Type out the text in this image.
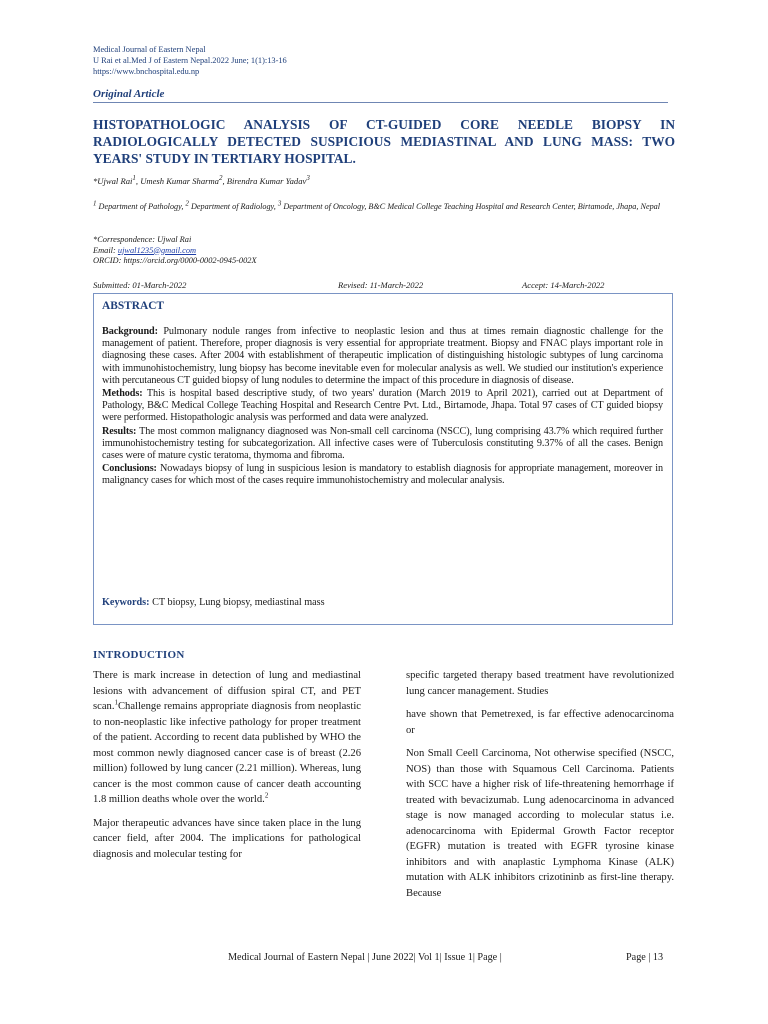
Medical Journal of Eastern Nepal
U Rai et al.Med J of Eastern Nepal.2022 June; 1(1):13-16
https://www.bnchospital.edu.np
Original Article
HISTOPATHOLOGIC ANALYSIS OF CT-GUIDED CORE NEEDLE BIOPSY IN RADIOLOGICALLY DETECTED SUSPICIOUS MEDIASTINAL AND LUNG MASS: TWO YEARS' STUDY IN TERTIARY HOSPITAL.
*Ujwal Rai$^1$, Umesh Kumar Sharma$^2$, Birendra Kumar Yadav$^3$
$^1$ Department of Pathology, $^2$ Department of Radiology, $^3$ Department of Oncology, B&C Medical College Teaching Hospital and Research Center, Birtamode, Jhapa, Nepal
*Correspondence: Ujwal Rai
Email: ujwal1235@gmail.com
ORCID: https://orcid.org/0000-0002-0945-002X
Submitted: 01-March-2022	Revised: 11-March-2022	Accept: 14-March-2022
ABSTRACT

Background: Pulmonary nodule ranges from infective to neoplastic lesion and thus at times remain diagnostic challenge for the management of patient. Therefore, proper diagnosis is very essential for appropriate treatment. Biopsy and FNAC plays important role in diagnosing these cases. After 2004 with establishment of therapeutic implication of distinguishing histologic subtypes of lung carcinoma with immunohistochemistry, lung biopsy has become inevitable even for molecular analysis as well. We studied our institution's experience with percutaneous CT guided biopsy of lung nodules to determine the impact of this procedure in diagnosis of disease.

Methods: This is hospital based descriptive study, of two years' duration (March 2019 to April 2021), carried out at Department of Pathology, B&C Medical College Teaching Hospital and Research Centre Pvt. Ltd., Birtamode, Jhapa. Total 97 cases of CT guided biopsy were performed. Histopathologic analysis was performed and data were analyzed.

Results: The most common malignancy diagnosed was Non-small cell carcinoma (NSCC), lung comprising 43.7% which required further immunohistochemistry testing for subcategorization. All infective cases were of Tuberculosis constituting 9.37% of all the cases. Benign cases were of mature cystic teratoma, thymoma and fibroma.

Conclusions: Nowadays biopsy of lung in suspicious lesion is mandatory to establish diagnosis for appropriate management, moreover in malignancy cases for which most of the cases require immunohistochemistry and molecular analysis.

Keywords: CT biopsy, Lung biopsy, mediastinal mass
INTRODUCTION

There is mark increase in detection of lung and mediastinal lesions with advancement of diffusion spiral CT, and PET scan.$^1$Challenge remains appropriate diagnosis from neoplastic to non-neoplastic like infective pathology for proper treatment of the patient. According to recent data published by WHO the most common newly diagnosed cancer case is of breast (2.26 million) followed by lung cancer (2.21 million). Whereas, lung cancer is the most common cause of cancer death accounting 1.8 million deaths whole over the world.$^2$

Major therapeutic advances have since taken place in the lung cancer field, after 2004. The implications for pathological diagnosis and molecular testing for

specific targeted therapy based treatment have revolutionized lung cancer management. Studies

have shown that Pemetrexed, is far effective adenocarcinoma or

Non Small Ceell Carcinoma, Not otherwise specified (NSCC, NOS) than those with Squamous Cell Carcinoma. Patients with SCC have a higher risk of life-threatening hemorrhage if treated with bevacizumab. Lung adenocarcinoma in advanced stage is now managed according to molecular status i.e. adenocarcinoma with Epidermal Growth Factor receptor (EGFR) mutation is treated with EGFR tyrosine kinase inhibitors and with anaplastic Lymphoma Kinase (ALK) mutation with ALK inhibitors crizotininb as first-line therapy. Because

Medical Journal of Eastern Nepal | June 2022| Vol 1| Issue 1| Page |	Page | 13
